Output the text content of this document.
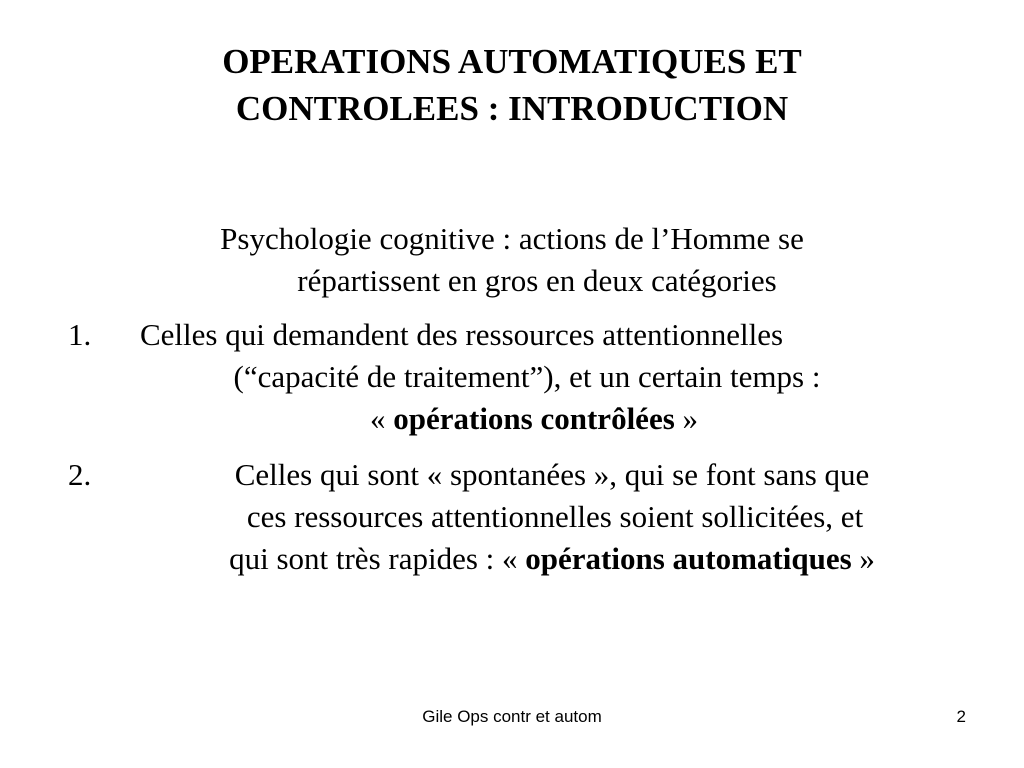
OPERATIONS AUTOMATIQUES ET
CONTROLEES : INTRODUCTION

Psychologie cognitive : actions de l’Homme se
répartissent en gros en deux catégories

1.	Celles qui demandent des ressources attentionnelles
(“capacité de traitement”), et un certain temps :
« opérations contrôlées »
2.	Celles qui sont « spontanées », qui se font sans que
ces ressources attentionnelles soient sollicitées, et
qui sont très rapides : « opérations automatiques »
Gile Ops contr et autom	2
